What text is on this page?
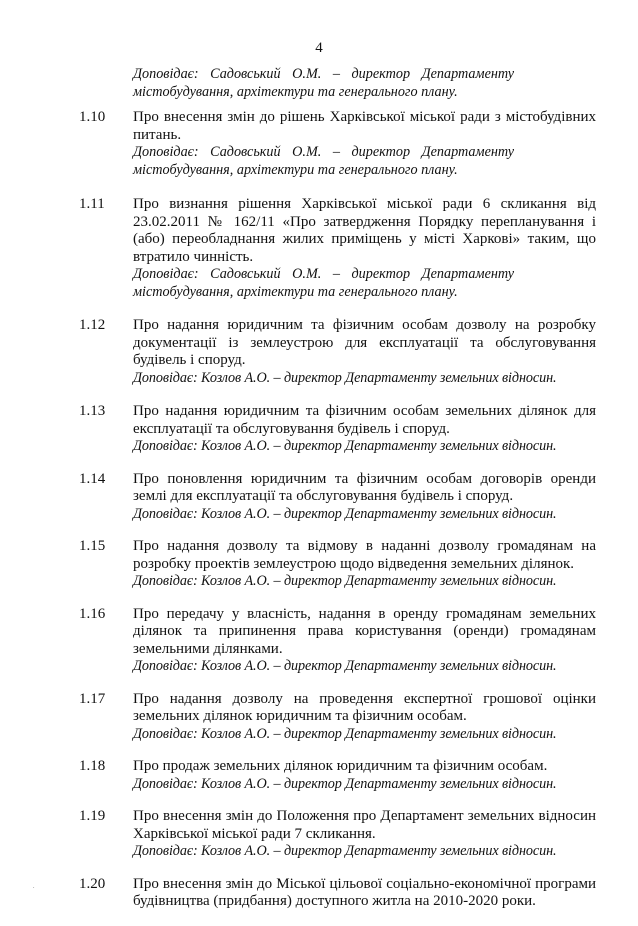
4
Доповідає: Садовський О.М. – директор Департаменту
містобудування, архітектури та генерального плану.
1.10 Про внесення змін до рішень Харківської міської ради з містобудівних питань.
Доповідає: Садовський О.М. – директор Департаменту
містобудування, архітектури та генерального плану.
1.11 Про визнання рішення Харківської міської ради 6 скликання від 23.02.2011 № 162/11 «Про затвердження Порядку перепланування і (або) переобладнання жилих приміщень у місті Харкові» таким, що втратило чинність.
Доповідає: Садовський О.М. – директор Департаменту
містобудування, архітектури та генерального плану.
1.12 Про надання юридичним та фізичним особам дозволу на розробку документації із землеустрою для експлуатації та обслуговування будівель і споруд.
Доповідає: Козлов А.О. – директор Департаменту земельних відносин.
1.13 Про надання юридичним та фізичним особам земельних ділянок для експлуатації та обслуговування будівель і споруд.
Доповідає: Козлов А.О. – директор Департаменту земельних відносин.
1.14 Про поновлення юридичним та фізичним особам договорів оренди землі для експлуатації та обслуговування будівель і споруд.
Доповідає: Козлов А.О. – директор Департаменту земельних відносин.
1.15 Про надання дозволу та відмову в наданні дозволу громадянам на розробку проектів землеустрою щодо відведення земельних ділянок.
Доповідає: Козлов А.О. – директор Департаменту земельних відносин.
1.16 Про передачу у власність, надання в оренду громадянам земельних ділянок та припинення права користування (оренди) громадянам земельними ділянками.
Доповідає: Козлов А.О. – директор Департаменту земельних відносин.
1.17 Про надання дозволу на проведення експертної грошової оцінки земельних ділянок юридичним та фізичним особам.
Доповідає: Козлов А.О. – директор Департаменту земельних відносин.
1.18 Про продаж земельних ділянок юридичним та фізичним особам.
Доповідає: Козлов А.О. – директор Департаменту земельних відносин.
1.19 Про внесення змін до Положення про Департамент земельних відносин Харківської міської ради 7 скликання.
Доповідає: Козлов А.О. – директор Департаменту земельних відносин.
1.20 Про внесення змін до Міської цільової соціально-економічної програми будівництва (придбання) доступного житла на 2010-2020 роки.
.
